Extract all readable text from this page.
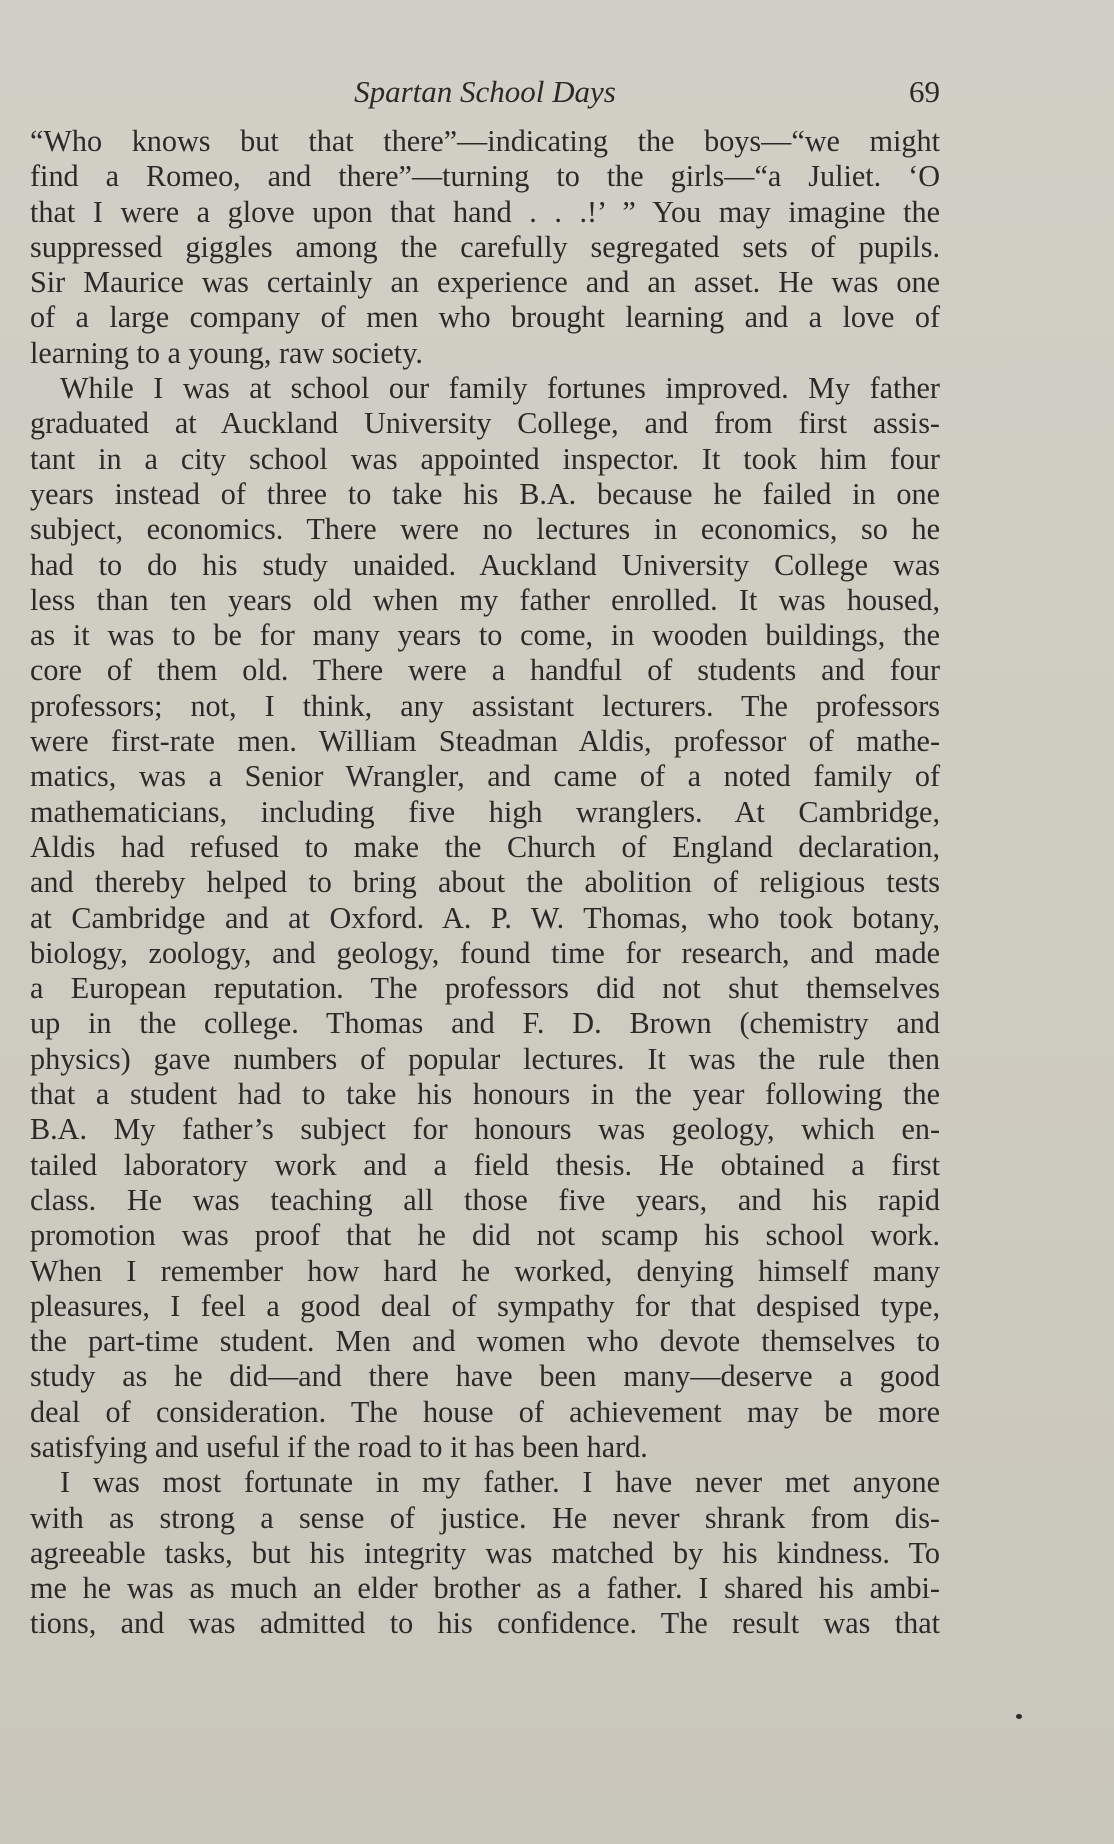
Spartan School Days	69
“Who knows but that there”—indicating the boys—“we might
find a Romeo, and there”—turning to the girls—“a Juliet. ‘O
that I were a glove upon that hand . . .!’ ” You may imagine the
suppressed giggles among the carefully segregated sets of pupils.
Sir Maurice was certainly an experience and an asset. He was one
of a large company of men who brought learning and a love of
learning to a young, raw society.
While I was at school our family fortunes improved. My father
graduated at Auckland University College, and from first assis-
tant in a city school was appointed inspector. It took him four
years instead of three to take his B.A. because he failed in one
subject, economics. There were no lectures in economics, so he
had to do his study unaided. Auckland University College was
less than ten years old when my father enrolled. It was housed,
as it was to be for many years to come, in wooden buildings, the
core of them old. There were a handful of students and four
professors; not, I think, any assistant lecturers. The professors
were first-rate men. William Steadman Aldis, professor of mathe-
matics, was a Senior Wrangler, and came of a noted family of
mathematicians, including five high wranglers. At Cambridge,
Aldis had refused to make the Church of England declaration,
and thereby helped to bring about the abolition of religious tests
at Cambridge and at Oxford. A. P. W. Thomas, who took botany,
biology, zoology, and geology, found time for research, and made
a European reputation. The professors did not shut themselves
up in the college. Thomas and F. D. Brown (chemistry and
physics) gave numbers of popular lectures. It was the rule then
that a student had to take his honours in the year following the
B.A. My father’s subject for honours was geology, which en-
tailed laboratory work and a field thesis. He obtained a first
class. He was teaching all those five years, and his rapid
promotion was proof that he did not scamp his school work.
When I remember how hard he worked, denying himself many
pleasures, I feel a good deal of sympathy for that despised type,
the part-time student. Men and women who devote themselves to
study as he did—and there have been many—deserve a good
deal of consideration. The house of achievement may be more
satisfying and useful if the road to it has been hard.
I was most fortunate in my father. I have never met anyone
with as strong a sense of justice. He never shrank from dis-
agreeable tasks, but his integrity was matched by his kindness. To
me he was as much an elder brother as a father. I shared his ambi-
tions, and was admitted to his confidence. The result was that
